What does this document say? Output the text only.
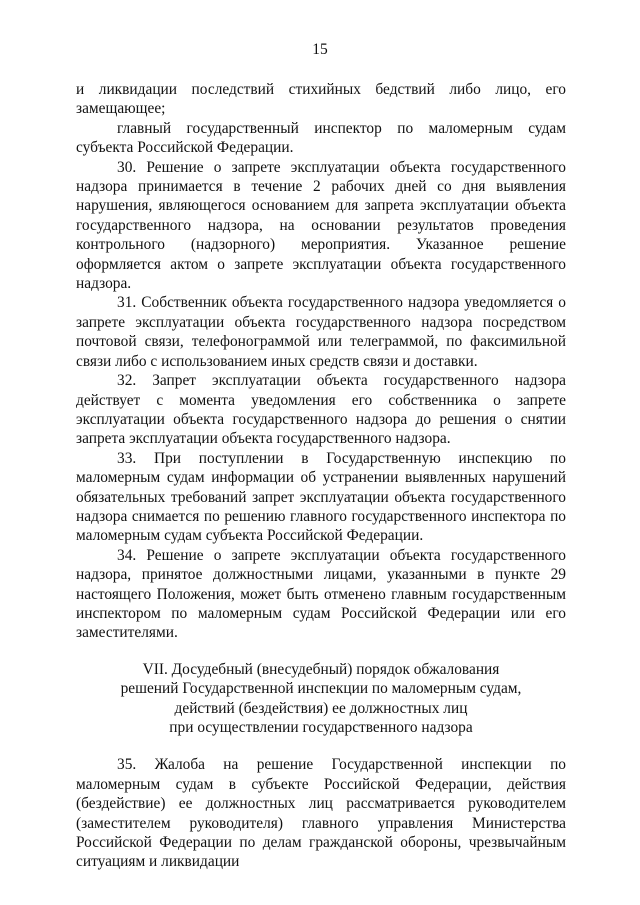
15

и ликвидации последствий стихийных бедствий либо лицо, его замещающее;

главный государственный инспектор по маломерным судам субъекта Российской Федерации.

30. Решение о запрете эксплуатации объекта государственного надзора принимается в течение 2 рабочих дней со дня выявления нарушения, являющегося основанием для запрета эксплуатации объекта государственного надзора, на основании результатов проведения контрольного (надзорного) мероприятия. Указанное решение оформляется актом о запрете эксплуатации объекта государственного надзора.

31. Собственник объекта государственного надзора уведомляется о запрете эксплуатации объекта государственного надзора посредством почтовой связи, телефонограммой или телеграммой, по факсимильной связи либо с использованием иных средств связи и доставки.

32. Запрет эксплуатации объекта государственного надзора действует с момента уведомления его собственника о запрете эксплуатации объекта государственного надзора до решения о снятии запрета эксплуатации объекта государственного надзора.

33. При поступлении в Государственную инспекцию по маломерным судам информации об устранении выявленных нарушений обязательных требований запрет эксплуатации объекта государственного надзора снимается по решению главного государственного инспектора по маломерным судам субъекта Российской Федерации.

34. Решение о запрете эксплуатации объекта государственного надзора, принятое должностными лицами, указанными в пункте 29 настоящего Положения, может быть отменено главным государственным инспектором по маломерным судам Российской Федерации или его заместителями.

VII. Досудебный (внесудебный) порядок обжалования
решений Государственной инспекции по маломерным судам,
действий (бездействия) ее должностных лиц
при осуществлении государственного надзора

35. Жалоба на решение Государственной инспекции по маломерным судам в субъекте Российской Федерации, действия (бездействие) ее должностных лиц рассматривается руководителем (заместителем руководителя) главного управления Министерства Российской Федерации по делам гражданской обороны, чрезвычайным ситуациям и ликвидации
